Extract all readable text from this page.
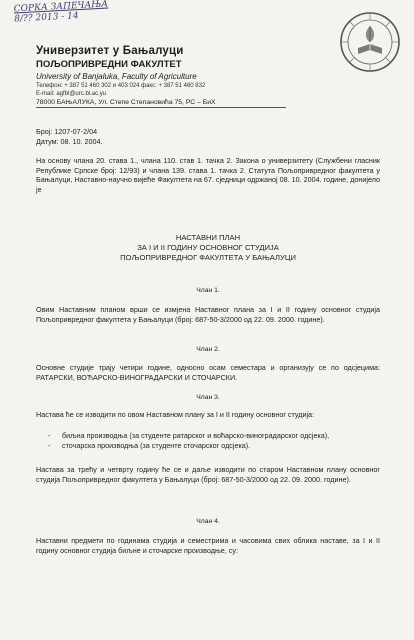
СОРКА ЗАПЕЧАЊА
8/?? 2013 - 14
Универзитет у Бањалуци
ПОЉОПРИВРЕДНИ ФАКУЛТЕТ
University of Banjaluka, Faculty of Agriculture
Телефон: + 387 51 460 302 и 403 024 факс: + 387 51 460 832
E-mail: agfbl@urc.bl.ac.yu
78000 БАЊАЛУКА, Ул. Степе Степановића 75, РС – БиХ
Број: 1207-07-2/04
Датум: 08. 10. 2004.
На основу члана 20. става 1., члана 110. став 1. тачка 2. Закона о универзитету (Службени гласник Републике Српске број: 12/93) и члана 139. става 1. тачка 2. Статута Пољопривредног факултета у Бањалуци, Наставно-научно вијеће Факултета на 67. сједници одржаној 08. 10. 2004. године, донијело је
НАСТАВНИ ПЛАН
ЗА I И II ГОДИНУ ОСНОВНОГ СТУДИЈА
ПОЉОПРИВРЕДНОГ ФАКУЛТЕТА У БАЊАЛУЦИ
Члан 1.
Овим Наставним планом врши се измјена Наставног плана за I и II годину основног студија Пољопривредног факултета у Бањалуци (број: 687-50-3/2000 од 22. 09. 2000. године).
Члан 2.
Основне студије трају четири године, односно осам семестара и организују се по одсјецима: РАТАРСКИ, ВОЋАРСКО-ВИНОГРАДАРСКИ И СТОЧАРСКИ.
Члан 3.
Настава ће се изводити по овом Наставном плану за I и II годину основног студија:
-	биљна производња (за студенте ратарског и воћарско-виноградарског одсјека),
-	сточарска производња (за студенте сточарског одсјека).
Настава за трећу и четврту годину ће се и даље изводити по старом Наставном плану основног студија Пољопривредног факултета у Бањалуци (број: 687-50-3/2000 од 22. 09. 2000. године).
Члан 4.
Наставни предмети по годинама студија и семестрима и часовима свих облика наставе, за I и II годину основног студија биљне и сточарске производње, су:
